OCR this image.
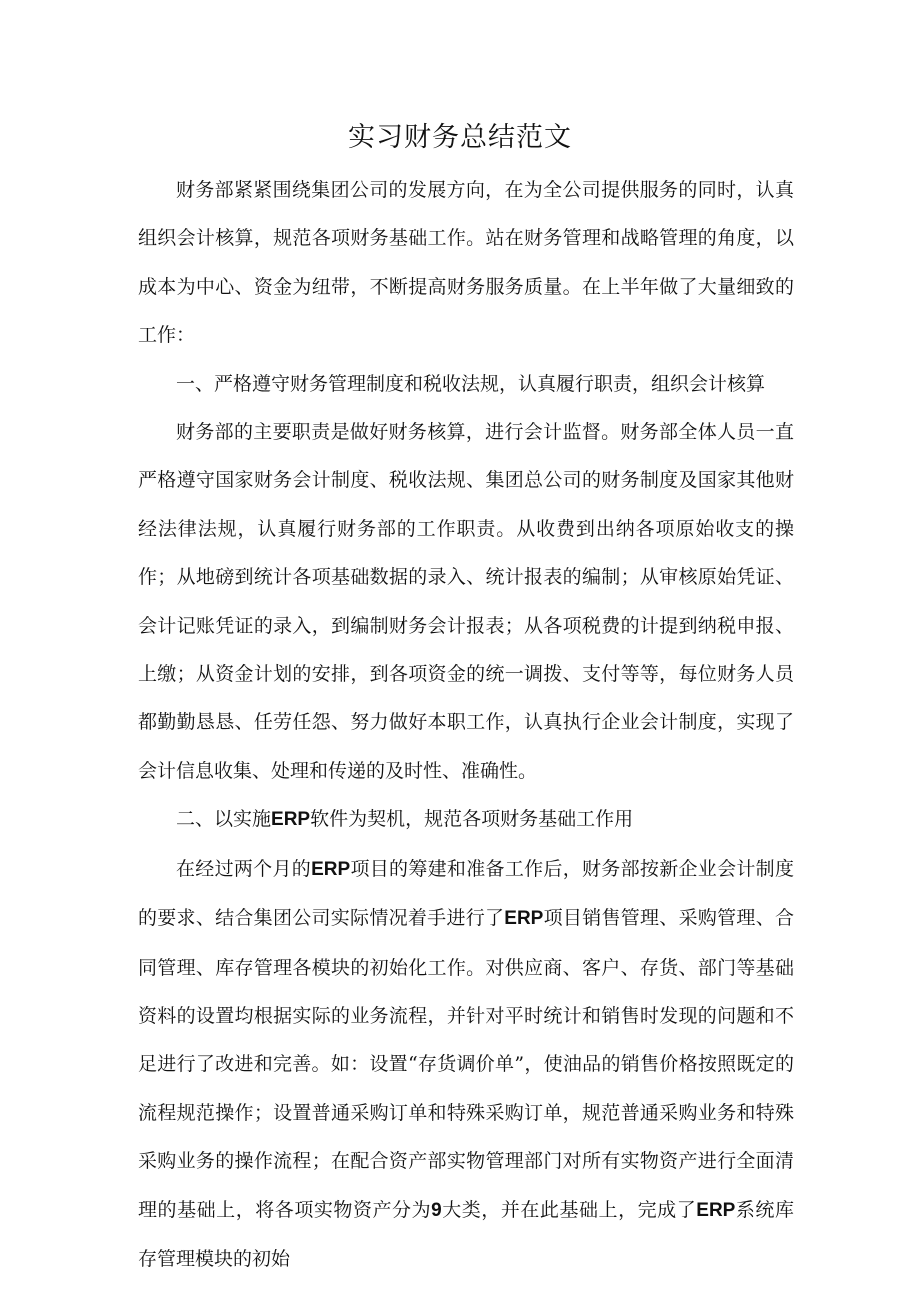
实习财务总结范文

财务部紧紧围绕集团公司的发展方向，在为全公司提供服务的同时，认真组织会计核算，规范各项财务基础工作。站在财务管理和战略管理的角度，以成本为中心、资金为纽带，不断提高财务服务质量。在上半年做了大量细致的工作：

一、严格遵守财务管理制度和税收法规，认真履行职责，组织会计核算

财务部的主要职责是做好财务核算，进行会计监督。财务部全体人员一直严格遵守国家财务会计制度、税收法规、集团总公司的财务制度及国家其他财经法律法规，认真履行财务部的工作职责。从收费到出纳各项原始收支的操作；从地磅到统计各项基础数据的录入、统计报表的编制；从审核原始凭证、会计记账凭证的录入，到编制财务会计报表；从各项税费的计提到纳税申报、上缴；从资金计划的安排，到各项资金的统一调拨、支付等等，每位财务人员都勤勤恳恳、任劳任怨、努力做好本职工作，认真执行企业会计制度，实现了会计信息收集、处理和传递的及时性、准确性。

二、以实施ERP软件为契机，规范各项财务基础工作用

在经过两个月的ERP项目的筹建和准备工作后，财务部按新企业会计制度的要求、结合集团公司实际情况着手进行了ERP项目销售管理、采购管理、合同管理、库存管理各模块的初始化工作。对供应商、客户、存货、部门等基础资料的设置均根据实际的业务流程，并针对平时统计和销售时发现的问题和不足进行了改进和完善。如：设置“存货调价单”，使油品的销售价格按照既定的流程规范操作；设置普通采购订单和特殊采购订单，规范普通采购业务和特殊采购业务的操作流程；在配合资产部实物管理部门对所有实物资产进行全面清理的基础上，将各项实物资产分为9大类，并在此基础上，完成了ERP系统库存管理模块的初始
